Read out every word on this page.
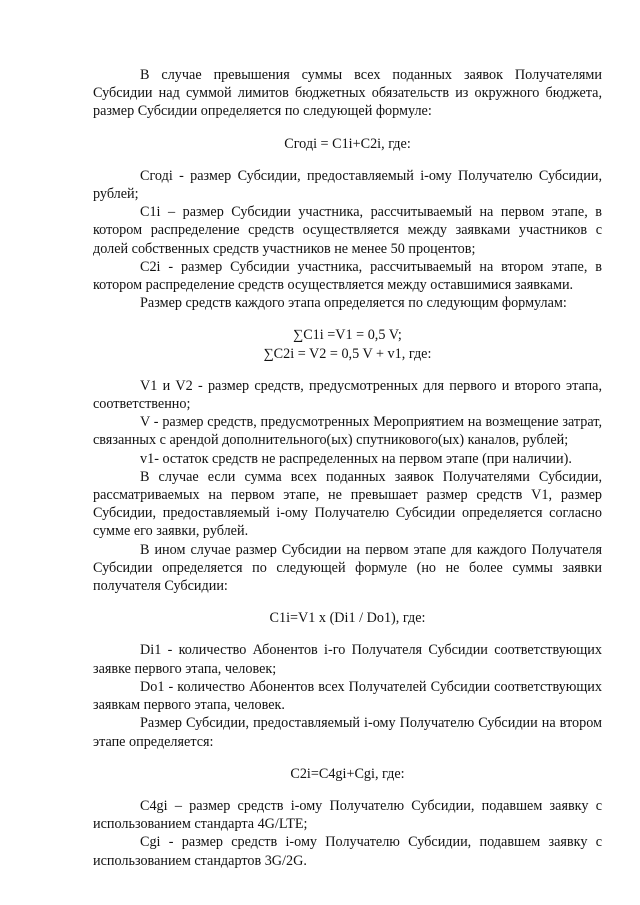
В случае превышения суммы всех поданных заявок Получателями Субсидии над суммой лимитов бюджетных обязательств из окружного бюджета, размер Субсидии определяется по следующей формуле:

Cгоді = C1i+C2i, где:

Cгоді - размер Субсидии, предоставляемый i-ому Получателю Субсидии, рублей;

C1i – размер Субсидии участника, рассчитываемый на первом этапе, в котором распределение средств осуществляется между заявками участников с долей собственных средств участников не менее 50 процентов;

C2i - размер Субсидии участника, рассчитываемый на втором этапе, в котором распределение средств осуществляется между оставшимися заявками.

Размер средств каждого этапа определяется по следующим формулам:

∑C1i =V1 = 0,5 V;

∑C2i = V2 = 0,5 V + v1, где:

V1 и V2 - размер средств, предусмотренных для первого и второго этапа, соответственно;

V - размер средств, предусмотренных Мероприятием на возмещение затрат, связанных с арендой дополнительного(ых) спутникового(ых) каналов, рублей;

v1- остаток средств не распределенных на первом этапе (при наличии).

В случае если сумма всех поданных заявок Получателями Субсидии, рассматриваемых на первом этапе, не превышает размер средств V1, размер Субсидии, предоставляемый i-ому Получателю Субсидии определяется согласно сумме его заявки, рублей.

В ином случае размер Субсидии на первом этапе для каждого Получателя Субсидии определяется по следующей формуле (но не более суммы заявки получателя Субсидии:

C1i=V1 x (Di1 / Do1), где:

Di1 - количество Абонентов i-го Получателя Субсидии соответствующих заявке первого этапа, человек;

Do1 - количество Абонентов всех Получателей Субсидии соответствующих заявкам первого этапа, человек.

Размер Субсидии, предоставляемый i-ому Получателю Субсидии на втором этапе определяется:

C2i=C4gi+Cgi, где:

C4gi – размер средств i-ому Получателю Субсидии, подавшем заявку с использованием стандарта 4G/LTE;

Cgi - размер средств i-ому Получателю Субсидии, подавшем заявку с использованием стандартов 3G/2G.
